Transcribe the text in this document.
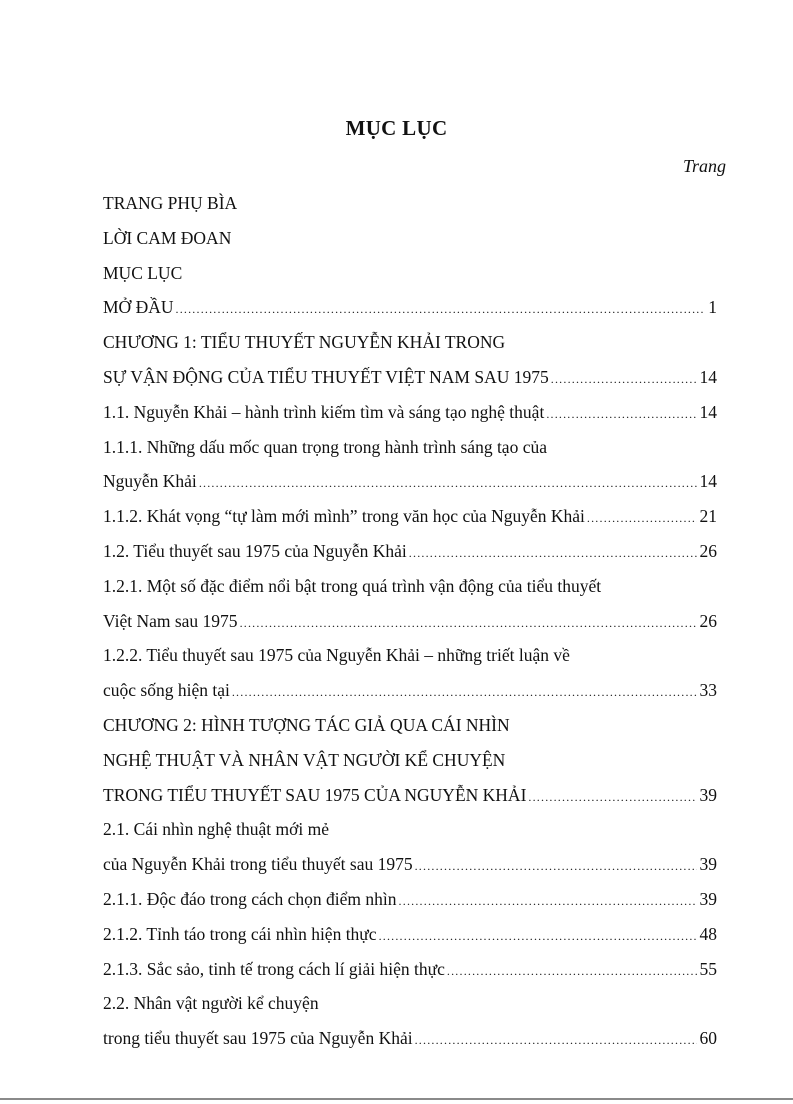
MỤC LỤC
Trang
TRANG PHỤ BÌA
LỜI CAM ĐOAN
MỤC LỤC
MỞ ĐẦU .....	1
CHƯƠNG 1: TIỂU THUYẾT NGUYỄN KHẢI TRONG
SỰ VẬN ĐỘNG CỦA TIỂU THUYẾT VIỆT NAM SAU 1975 .....	14
1.1. Nguyễn Khải – hành trình kiếm tìm và sáng tạo nghệ thuật .....	14
1.1.1. Những dấu mốc quan trọng trong hành trình sáng tạo của
Nguyễn Khải .....	14
1.1.2. Khát vọng “tự làm mới mình” trong văn học của Nguyễn Khải .....	21
1.2. Tiểu thuyết sau 1975 của Nguyễn Khải .....	26
1.2.1. Một số đặc điểm nổi bật trong quá trình vận động của tiểu thuyết
Việt Nam sau 1975 .....	26
1.2.2. Tiểu thuyết sau 1975 của Nguyễn Khải – những triết luận về
cuộc sống hiện tại .....	33
CHƯƠNG 2: HÌNH TƯỢNG TÁC GIẢ QUA CÁI NHÌN
NGHỆ THUẬT VÀ NHÂN VẬT NGƯỜI KỂ CHUYỆN
TRONG TIỂU THUYẾT SAU 1975 CỦA NGUYỄN KHẢI .....	39
2.1. Cái nhìn nghệ thuật mới mẻ
của Nguyễn Khải trong tiểu thuyết sau 1975 .....	39
2.1.1. Độc đáo trong cách chọn điểm nhìn .....	39
2.1.2. Tỉnh táo trong cái nhìn hiện thực .....	48
2.1.3. Sắc sảo, tinh tế trong cách lí giải hiện thực .....	55
2.2. Nhân vật người kể chuyện
trong tiểu thuyết sau 1975 của Nguyễn Khải .....	60
